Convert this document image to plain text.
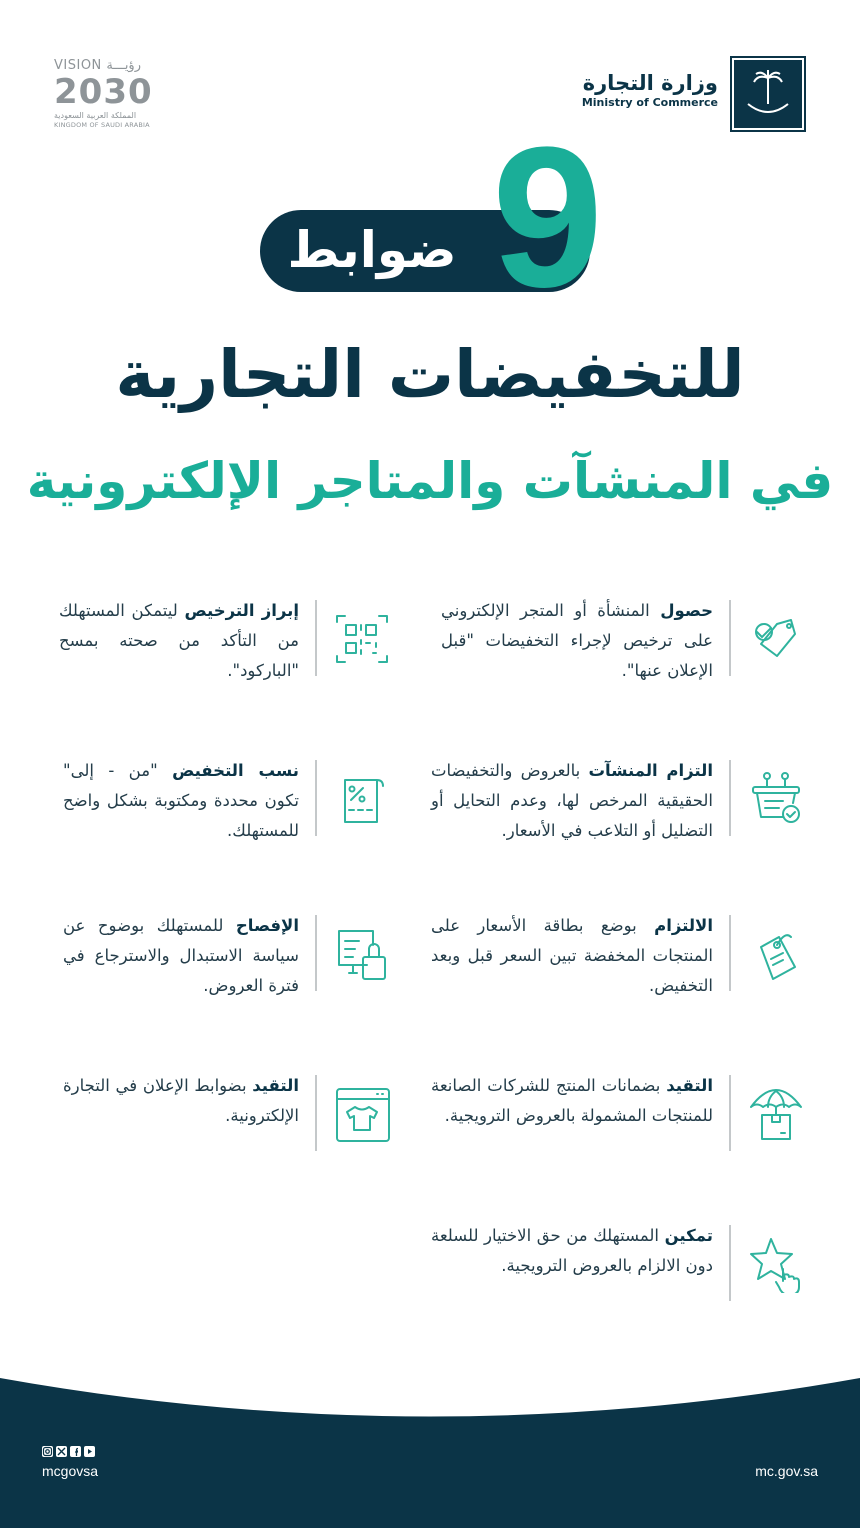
وزارة التجارة
Ministry of Commerce
VISION رؤيـــة
2030
المملكة العربية السعودية
KINGDOM OF SAUDI ARABIA
ضوابط 9
للتخفيضات التجارية
في المنشآت والمتاجر الإلكترونية
حصول المنشأة أو المتجر الإلكتروني على ترخيص لإجراء التخفيضات "قبل الإعلان عنها".
إبراز الترخيص ليتمكن المستهلك من التأكد من صحته بمسح "الباركود".
التزام المنشآت بالعروض والتخفيضات الحقيقية المرخص لها، وعدم التحايل أو التضليل أو التلاعب في الأسعار.
نسب التخفيض "من - إلى" تكون محددة ومكتوبة بشكل واضح للمستهلك.
الالتزام بوضع بطاقة الأسعار على المنتجات المخفضة تبين السعر قبل وبعد التخفيض.
الإفصاح للمستهلك بوضوح عن سياسة الاستبدال والاسترجاع في فترة العروض.
التقيد بضمانات المنتج للشركات الصانعة للمنتجات المشمولة بالعروض الترويجية.
التقيد بضوابط الإعلان في التجارة الإلكترونية.
تمكين المستهلك من حق الاختيار للسلعة دون الالزام بالعروض الترويجية.
mcgovsa	mc.gov.sa
